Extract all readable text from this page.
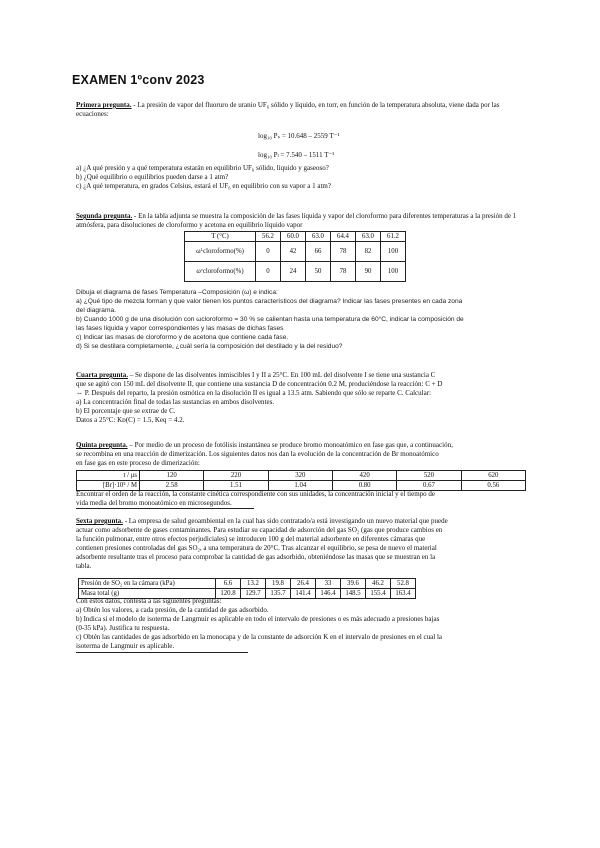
EXAMEN 1ºconv 2023
Primera pregunta. - La presión de vapor del fluoruro de uranio UF₆ sólido y líquido, en torr, en función de la temperatura absoluta, viene dada por las ecuaciones:
log₁₀ Pₛ = 10.648 – 2559 T⁻¹
log₁₀ Pₗ = 7.540 – 1511 T⁻¹
a) ¿A qué presión y a qué temperatura estarán en equilibrio UF₆ sólido, líquido y gaseoso?
b) ¿Qué equilibrio o equilibrios pueden darse a 1 atm?
c) ¿A qué temperatura, en grados Celsius, estará el UF₆ en equilibrio con su vapor a 1 atm?
Segunda pregunta. - En la tabla adjunta se muestra la composición de las fases líquida y vapor del cloroformo para diferentes temperaturas a la presión de 1 atmósfera, para disoluciones de cloroformo y acetona en equilibrio líquido vapor
T (°C)	56.2	60.0	63.0	64.4	63.0	61.2
ωᴸcloroformo(%)	0	42	66	78	82	100
ωᵛcloroformo(%)	0	24	50	78	90	100
Dibuja el diagrama de fases Temperatura –Composición (ω) e indica:
a) ¿Qué tipo de mezcla forman y que valor tienen los puntos característicos del diagrama? Indicar las fases presentes en cada zona
del diagrama.
b) Cuando 1000 g de una disolución con ωcloroformo = 30 % se calientan hasta una temperatura de 60°C, indicar la composición de
las fases líquida y vapor correspondientes y las masas de dichas fases
c) Indicar las masas de cloroformo y de acetona que contiene cada fase.
d) Si se destilara completamente, ¿cuál sería la composición del destilado y la del residuo?
Cuarta pregunta. – Se dispone de las disolventes inmiscibles I y II a 25°C. En 100 mL del disolvente I se tiene una sustancia C
que se agitó con 150 mL del disolvente II, que contiene una sustancia D de concentración 0.2 M, produciéndose la reacción: C + D
⇔ P. Después del reparto, la presión osmótica en la disolución II es igual a 13.5 atm. Sabiendo que sólo se reparte C. Calcular:
a) La concentración final de todas las sustancias en ambos disolventes.
b) El porcentaje que se extrae de C.
Datos a 25°C: Kᴅ(C) = 1.5, Keq = 4.2.
Quinta pregunta. – Por medio de un proceso de fotólisis instantánea se produce bromo monoatómico en fase gas que, a continuación,
se recombina en una reacción de dimerización. Los siguientes datos nos dan la evolución de la concentración de Br monoatómico
en fase gas en este proceso de dimerización:
t / μs	120	220	320	420	520	620
[Br]·10⁵ / M	2.58	1.51	1.04	0.80	0.67	0.56
Encontrar el orden de la reacción, la constante cinética correspondiente con sus unidades, la concentración inicial y el tiempo de
vida media del bromo monoatómico en microsegundos.
Sexta pregunta. - La empresa de salud geoambiental en la cual has sido contratado/a está investigando un nuevo material que puede
actuar como adsorbente de gases contaminantes. Para estudiar su capacidad de adsorción del gas SO₂ (gas que produce cambios en
la función pulmonar, entre otros efectos perjudiciales) se introducen 100 g del material adsorbente en diferentes cámaras que
contienen presiones controladas del gas SO₂, a una temperatura de 20°C. Tras alcanzar el equilibrio, se pesa de nuevo el material
adsorbente resultante tras el proceso para comprobar la cantidad de gas adsorbido, obteniéndose las masas que se muestran en la
tabla.
Presión de SO₂ en la cámara (kPa)	6.6	13.2	19.8	26.4	33	39.6	46.2	52.8
Masa total (g)	120.8	129.7	135.7	141.4	146.4	148.5	155.4	163.4
Con estos datos, contesta a las siguientes preguntas:
a) Obtén los valores, a cada presión, de la cantidad de gas adsorbido.
b) Indica si el modelo de isoterma de Langmuir es aplicable en todo el intervalo de presiones o es más adecuado a presiones bajas
(0-35 kPa). Justifica tu respuesta.
c) Obtén las cantidades de gas adsorbido en la monocapa y de la constante de adsorción K en el intervalo de presiones en el cual la
isoterma de Langmuir es aplicable.
